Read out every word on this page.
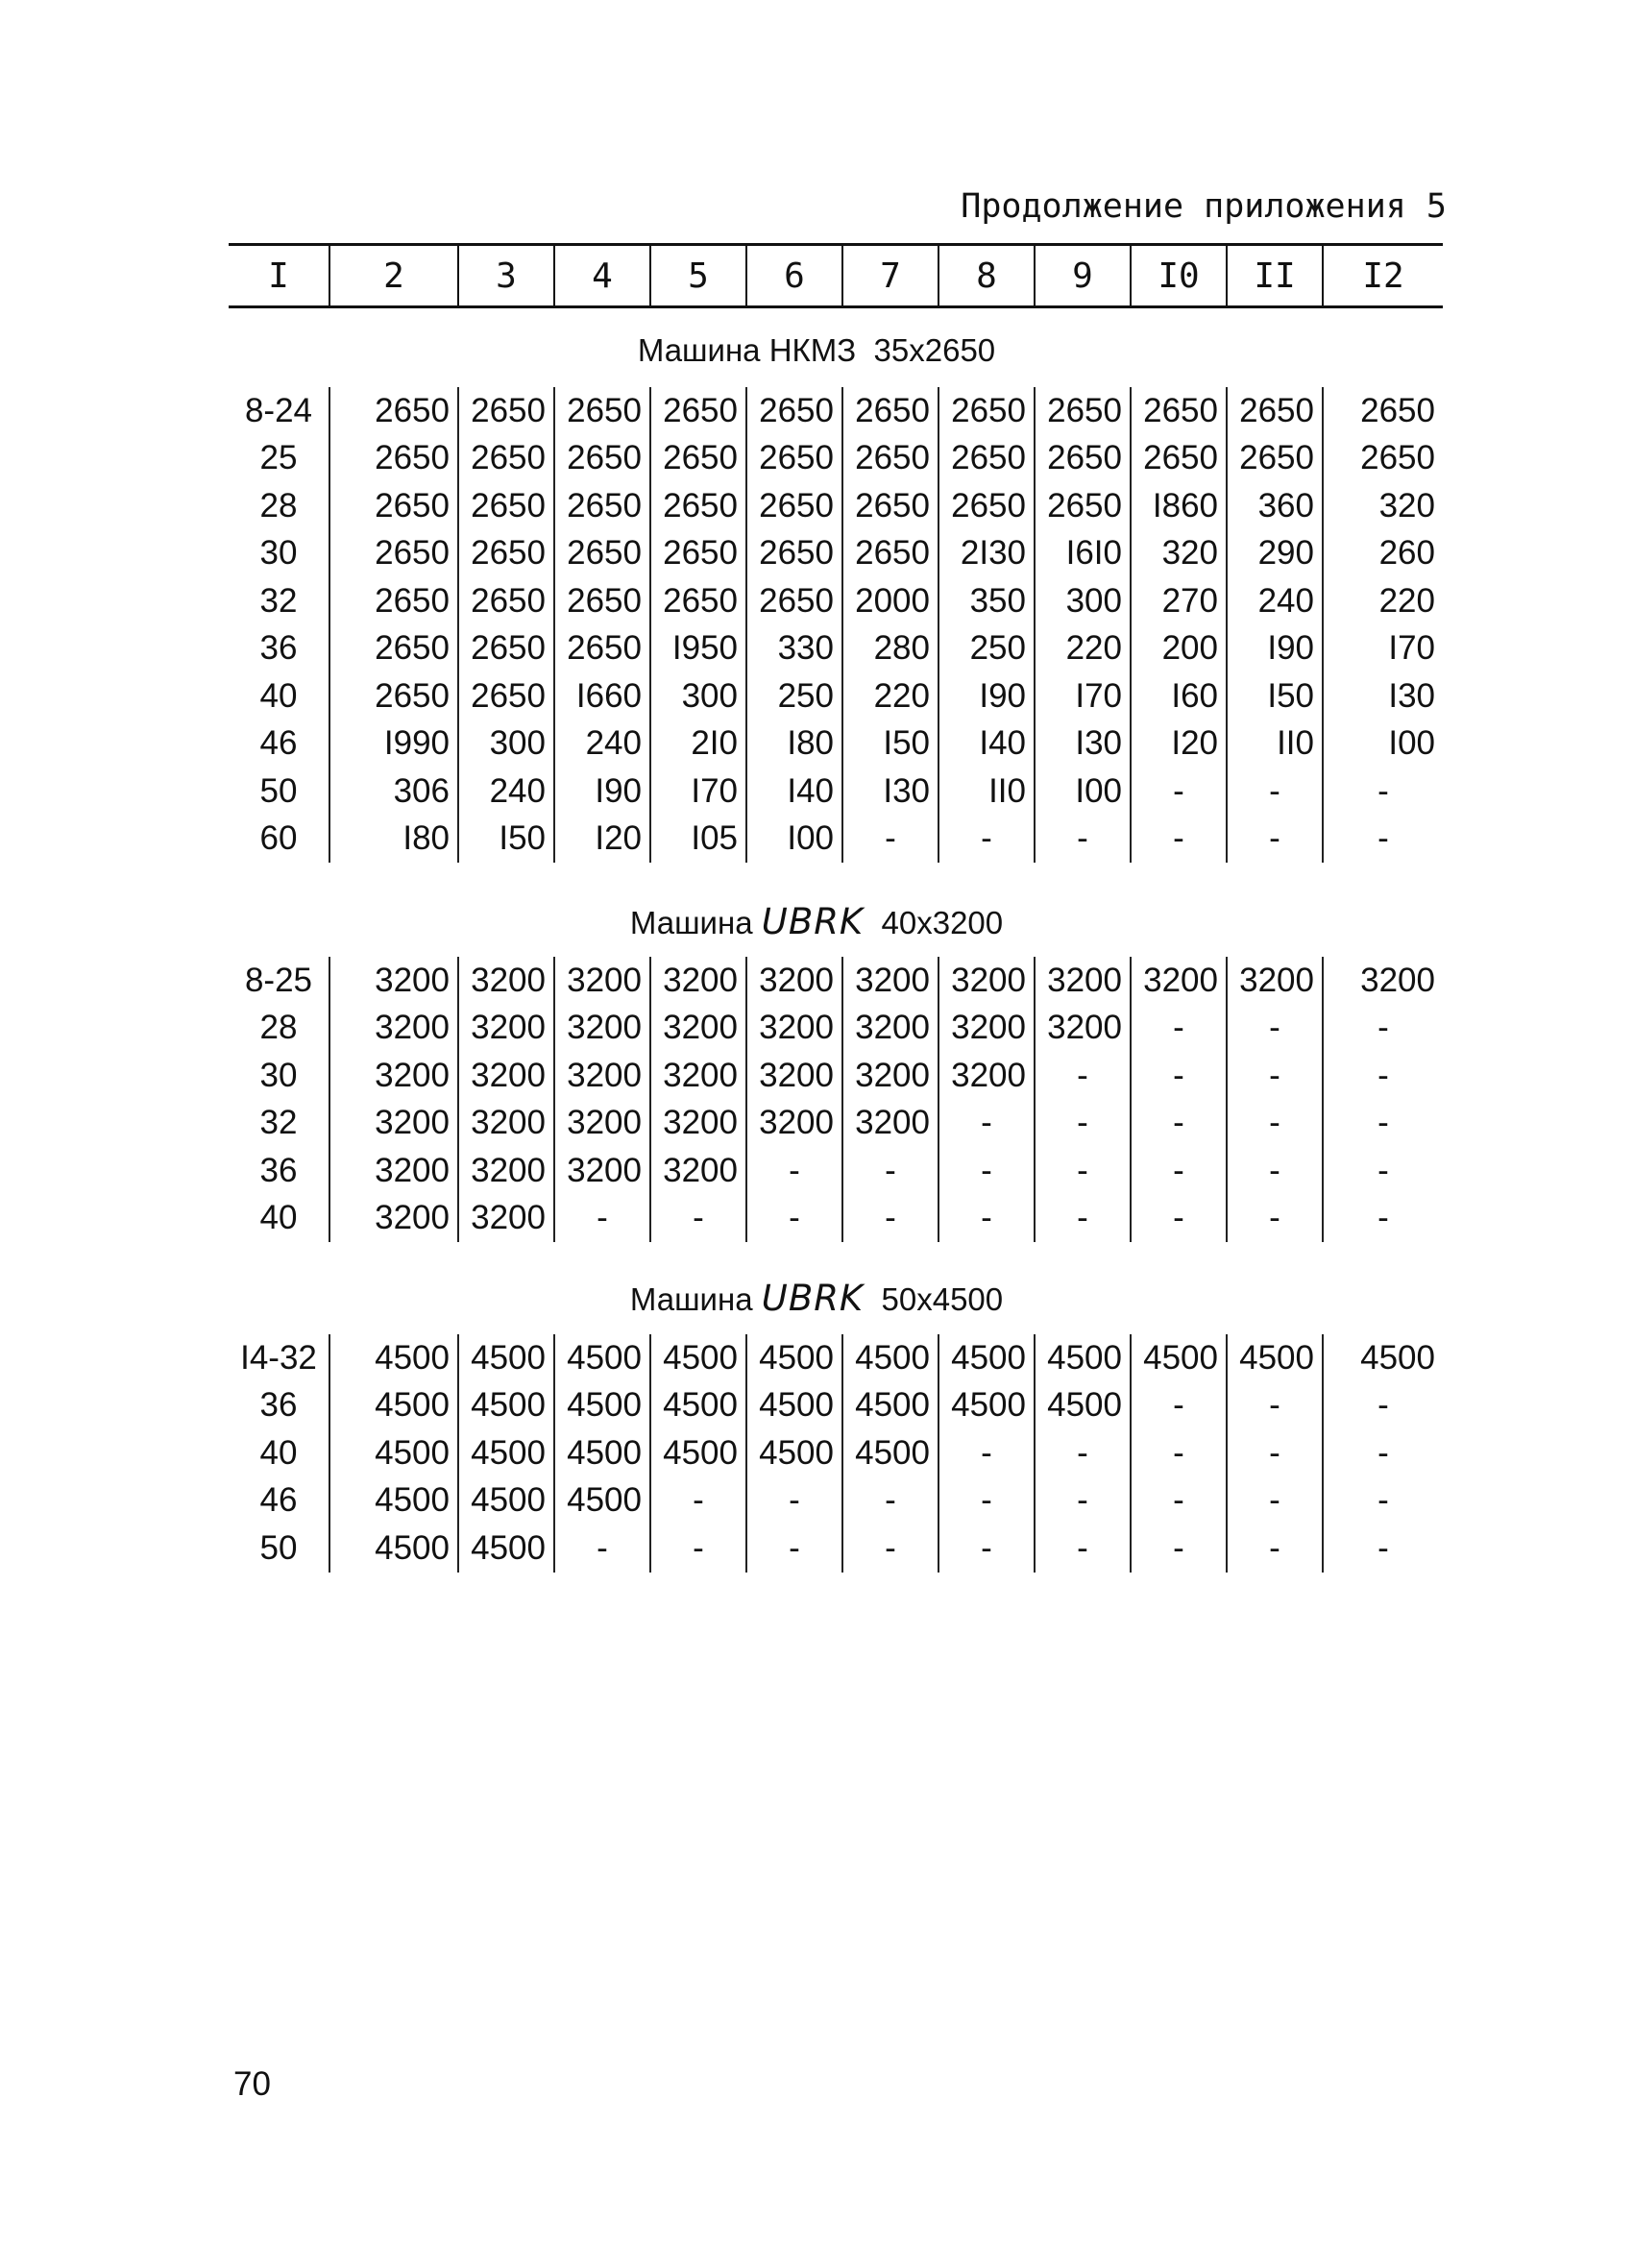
Продолжение приложения 5
I	2	3	4	5	6	7	8	9	I0	II	I2
Машина НКМЗ 35x2650
8-24	2650	2650	2650	2650	2650	2650	2650	2650	2650	2650	2650
25	2650	2650	2650	2650	2650	2650	2650	2650	2650	2650	2650
28	2650	2650	2650	2650	2650	2650	2650	2650	I860	360	320
30	2650	2650	2650	2650	2650	2650	2I30	I6I0	320	290	260
32	2650	2650	2650	2650	2650	2000	350	300	270	240	220
36	2650	2650	2650	I950	330	280	250	220	200	I90	I70
40	2650	2650	I660	300	250	220	I90	I70	I60	I50	I30
46	I990	300	240	2I0	I80	I50	I40	I30	I20	II0	I00
50	306	240	I90	I70	I40	I30	II0	I00	-	-	-
60	I80	I50	I20	I05	I00	-	-	-	-	-	-
Машина UBRK 40x3200
8-25	3200	3200	3200	3200	3200	3200	3200	3200	3200	3200	3200
28	3200	3200	3200	3200	3200	3200	3200	3200	-	-	-
30	3200	3200	3200	3200	3200	3200	3200	-	-	-	-
32	3200	3200	3200	3200	3200	3200	-	-	-	-	-
36	3200	3200	3200	3200	-	-	-	-	-	-	-
40	3200	3200	-	-	-	-	-	-	-	-	-
Машина UBRK 50x4500
I4-32	4500	4500	4500	4500	4500	4500	4500	4500	4500	4500	4500
36	4500	4500	4500	4500	4500	4500	4500	4500	-	-	-
40	4500	4500	4500	4500	4500	4500	-	-	-	-	-
46	4500	4500	4500	-	-	-	-	-	-	-	-
50	4500	4500	-	-	-	-	-	-	-	-	-
70
